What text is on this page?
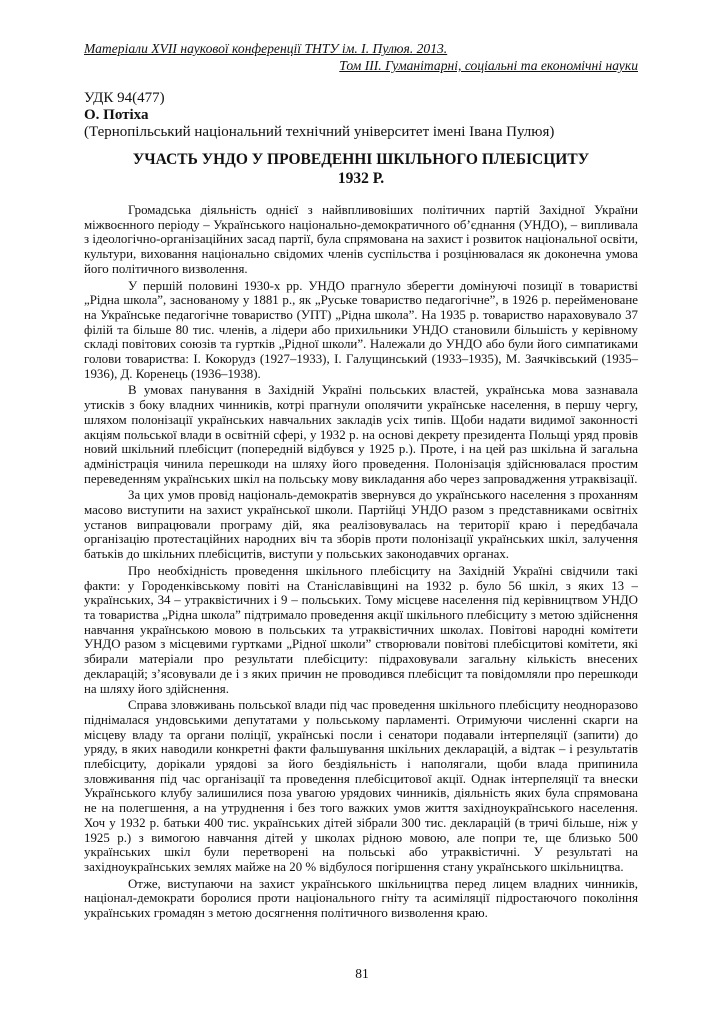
Матеріали XVІІ наукової конференції ТНТУ ім. І. Пулюя. 2013.
Том ІІІ. Гуманітарні, соціальні та економічні науки
УДК 94(477)
О. Потіха
(Тернопільський національний технічний університет імені Івана Пулюя)
УЧАСТЬ УНДО У ПРОВЕДЕННІ ШКІЛЬНОГО ПЛЕБІСЦИТУ
1932 Р.

Громадська діяльність однієї з найвпливовіших політичних партій Західної України міжвоєнного періоду – Українського національно-демократичного об’єднання (УНДО), – випливала з ідеологічно-організаційних засад партії, була спрямована на захист і розвиток національної освіти, культури, виховання національно свідомих членів суспільства і розцінювалася як доконечна умова його політичного визволення.

У першій половині 1930-х рр. УНДО прагнуло зберегти домінуючі позиції в товаристві „Рідна школа”, заснованому у 1881 р., як „Руське товариство педагогічне”, в 1926 р. перейменоване на Українське педагогічне товариство (УПТ) „Рідна школа”. На 1935 р. товариство нараховувало 37 філій та більше 80 тис. членів, а лідери або прихильники УНДО становили більшість у керівному складі повітових союзів та гуртків „Рідної школи”. Належали до УНДО або були його симпатиками голови товариства: І. Кокорудз (1927–1933), І. Галущинський (1933–1935), М. Заячківський (1935–1936), Д. Коренець (1936–1938).

В умовах панування в Західній Україні польських властей, українська мова зазнавала утисків з боку владних чинників, котрі прагнули ополячити українське населення, в першу чергу, шляхом полонізації українських навчальних закладів усіх типів. Щоби надати видимої законності акціям польської влади в освітній сфері, у 1932 р. на основі декрету президента Польщі уряд провів новий шкільний плебісцит (попередній відбувся у 1925 р.). Проте, і на цей раз шкільна й загальна адміністрація чинила перешкоди на шляху його проведення. Полонізація здійснювалася простим переведенням українських шкіл на польську мову викладання або через запровадження утраквізації.

За цих умов провід національ-демократів звернувся до українського населення з проханням масово виступити на захист української школи. Партійці УНДО разом з представниками освітніх установ випрацювали програму дій, яка реалізовувалась на території краю і передбачала організацію протестаційних народних віч та зборів проти полонізації українських шкіл, залучення батьків до шкільних плебісцитів, виступи у польських законодавчих органах.

Про необхідність проведення шкільного плебісциту на Західній Україні свідчили такі факти: у Городенківському повіті на Станіславівщині на 1932 р. було 56 шкіл, з яких 13 – українських, 34 – утраквістичних і 9 – польських. Тому місцеве населення під керівництвом УНДО та товариства „Рідна школа” підтримало проведення акції шкільного плебісциту з метою здійснення навчання українською мовою в польських та утраквістичних школах. Повітові народні комітети УНДО разом з місцевими гуртками „Рідної школи” створювали повітові плебісцитові комітети, які збирали матеріали про результати плебісциту: підраховували загальну кількість внесених декларацій; з’ясовували де і з яких причин не проводився плебісцит та повідомляли про перешкоди на шляху його здійснення.

Справа зловживань польської влади під час проведення шкільного плебісциту неодноразово піднімалася ундовськими депутатами у польському парламенті. Отримуючи численні скарги на місцеву владу та органи поліції, українські посли і сенатори подавали інтерпеляції (запити) до уряду, в яких наводили конкретні факти фальшування шкільних декларацій, а відтак – і результатів плебісциту, дорікали урядові за його бездіяльність і наполягали, щоби влада припинила зловживання під час організації та проведення плебісцитової акції. Однак інтерпеляції та внески Українського клубу залишилися поза увагою урядових чинників, діяльність яких була спрямована не на полегшення, а на утруднення і без того важких умов життя західноукраїнського населення. Хоч у 1932 р. батьки 400 тис. українських дітей зібрали 300 тис. декларацій (в тричі більше, ніж у 1925 р.) з вимогою навчання дітей у школах рідною мовою, але попри те, ще близько 500 українських шкіл були перетворені на польські або утраквістичні. У результаті на західноукраїнських землях майже на 20 % відбулося погіршення стану українського шкільництва.

Отже, виступаючи на захист українського шкільництва перед лицем владних чинників, націонал-демократи боролися проти національного гніту та асиміляції підростаючого покоління українських громадян з метою досягнення політичного визволення краю.

81
